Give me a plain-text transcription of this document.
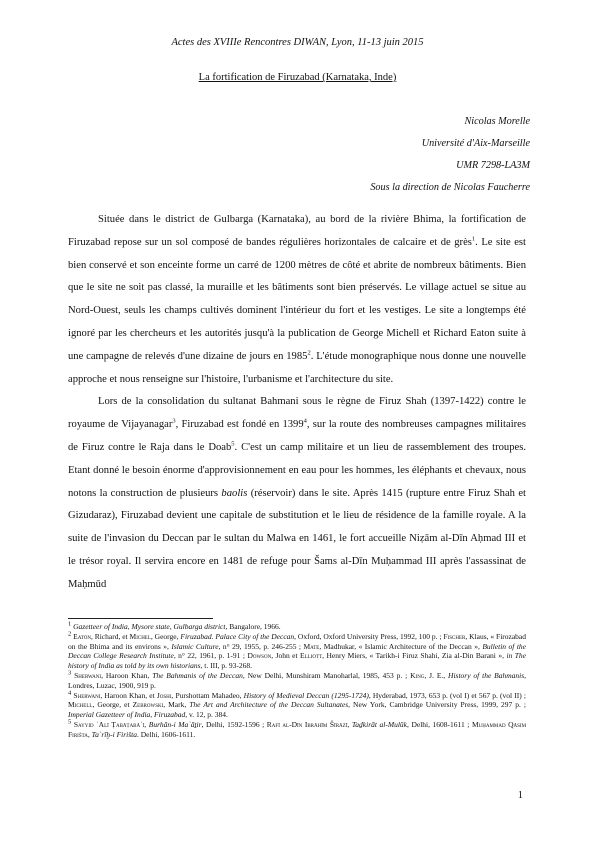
Actes des XVIIIe Rencontres DIWAN, Lyon, 11-13 juin 2015
La fortification de Firuzabad (Karnataka, Inde)
Nicolas Morelle
Université d'Aix-Marseille
UMR 7298-LA3M
Sous la direction de Nicolas Faucherre

Située dans le district de Gulbarga (Karnataka), au bord de la rivière Bhima, la fortification de Firuzabad repose sur un sol composé de bandes régulières horizontales de calcaire et de grès$^1$. Le site est bien conservé et son enceinte forme un carré de 1200 mètres de côté et abrite de nombreux bâtiments. Bien que le site ne soit pas classé, la muraille et les bâtiments sont bien préservés. Le village actuel se situe au Nord-Ouest, seuls les champs cultivés dominent l'intérieur du fort et les vestiges. Le site a longtemps été ignoré par les chercheurs et les autorités jusqu'à la publication de George Michell et Richard Eaton suite à une campagne de relevés d'une dizaine de jours en 1985$^2$. L'étude monographique nous donne une nouvelle approche et nous renseigne sur l'histoire, l'urbanisme et l'architecture du site.

Lors de la consolidation du sultanat Bahmani sous le règne de Firuz Shah (1397-1422) contre le royaume de Vijayanagar$^3$, Firuzabad est fondé en 1399$^4$, sur la route des nombreuses campagnes militaires de Firuz contre le Raja dans le Doab$^5$. C'est un camp militaire et un lieu de rassemblement des troupes. Etant donné le besoin énorme d'approvisionnement en eau pour les hommes, les éléphants et chevaux, nous notons la construction de plusieurs baolis (réservoir) dans le site. Après 1415 (rupture entre Firuz Shah et Gizudaraz), Firuzabad devient une capitale de substitution et le lieu de résidence de la famille royale. A la suite de l'invasion du Deccan par le sultan du Malwa en 1461, le fort accueille Niẓām al-Dīn Aḥmad III et le trésor royal. Il servira encore en 1481 de refuge pour Šams al-Dīn Muḥammad III après l'assassinat de Maḥmūd

$^1$ Gazetteer of India, Mysore state, Gulbarga district, Bangalore, 1966.
$^2$ Eaton, Richard, et Michel, George, Firuzabad. Palace City of the Deccan, Oxford, Oxford University Press, 1992, 100 p. ; Fischer, Klaus, « Firozabad on the Bhima and its environs », Islamic Culture, n° 29, 1955, p. 246-255 ; Mate, Madhukar, « Islamic Architecture of the Deccan », Bulletin of the Deccan College Research Institute, n° 22, 1961, p. 1-91 ; Dowson, John et Elliott, Henry Miers, « Tarikh-i Firuz Shahi, Zia al-Din Barani », in The history of India as told by its own historians, t. III, p. 93-268.
$^3$ Sherwani, Haroon Khan, The Bahmanis of the Deccan, New Delhi, Munshiram Manoharlal, 1985, 453 p. ; King, J. E., History of the Bahmanis, Londres, Luzac, 1900, 919 p.
$^4$ Sherwani, Haroon Khan, et Joshi, Purshottam Mahadeo, History of Medieval Deccan (1295-1724), Hyderabad, 1973, 653 p. (vol I) et 567 p. (vol II) ; Michell, George, et Zebrowski, Mark, The Art and Architecture of the Deccan Sultanates, New York, Cambridge University Press, 1999, 297 p. ; Imperial Gazetteer of India, Firuzabad, v. 12, p. 384.
$^5$ Sayyid ʿAlī Ṭabāṭabāʾī, Burhān-i Maʾāṯir, Delhi, 1592-1596 ; Rafī al-Dīn Ibrāhīm Šīrāzī, Taḏkirāt al-Mulūk, Delhi, 1608-1611 ; Muḥammad Qāsim Firišta, Taʾrīḫ-i Firišta. Delhi, 1606-1611.
1
